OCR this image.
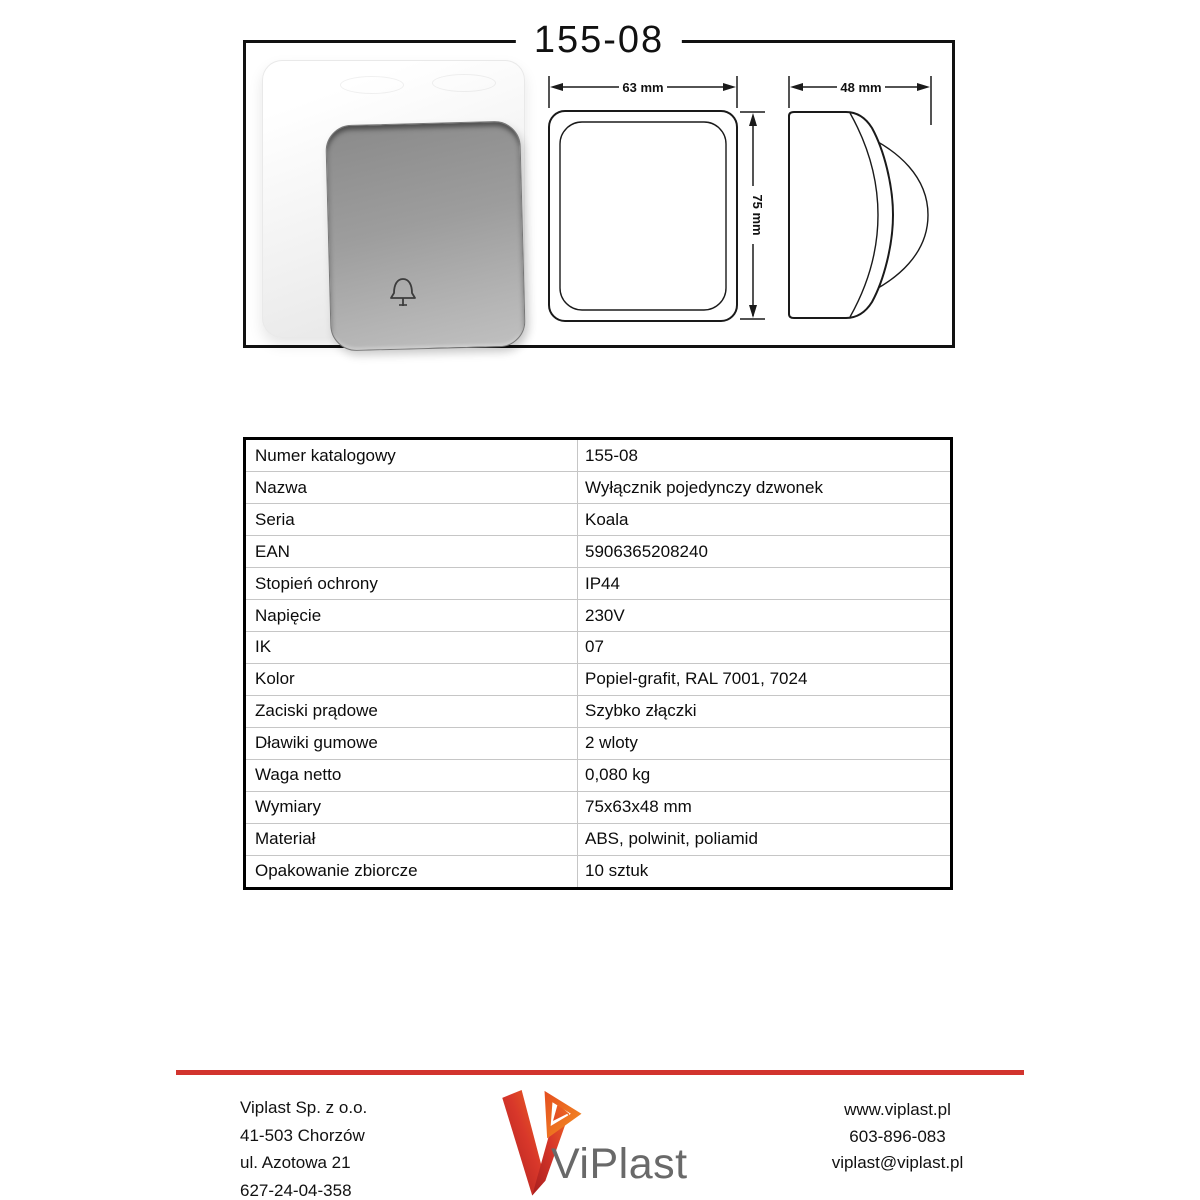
155-08
63 mm
75 mm
48 mm
Numer katalogowy	155-08
Nazwa	Wyłącznik pojedynczy dzwonek
Seria	Koala
EAN	5906365208240
Stopień ochrony	IP44
Napięcie	230V
IK	07
Kolor	Popiel-grafit, RAL 7001, 7024
Zaciski prądowe	Szybko złączki
Dławiki gumowe	2 wloty
Waga netto	0,080 kg
Wymiary	75x63x48 mm
Materiał	ABS, polwinit, poliamid
Opakowanie zbiorcze	10 sztuk
Viplast Sp. z o.o.
41-503 Chorzów
ul. Azotowa 21
627-24-04-358
ViPlast
www.viplast.pl
603-896-083
viplast@viplast.pl
